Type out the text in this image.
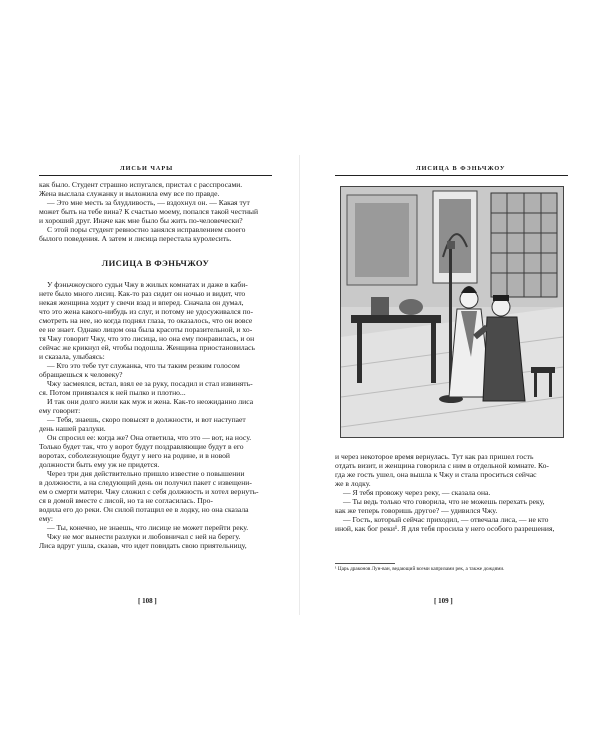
ЛИСЬИ ЧАРЫ
как было. Студент страшно испугался, пристал с расспросами.
Жена выслала служанку и выложила ему все по правде.
— Это мне месть за блудливость, — вздохнул он. — Какая тут
может быть на тебе вина? К счастью моему, попался такой честный
и хороший друг. Иначе как мне было бы жить по-человечески?
С этой поры студент ревностно занялся исправлением своего
былого поведения. А затем и лисица перестала куролесить.
ЛИСИЦА В ФЭНЬЧЖОУ
У фэньчжоуского судьи Чжу в жилых комнатах и даже в каби-
нете было много лисиц. Как-то раз сидит он ночью и видит, что
некая женщина ходит у свечи взад и вперед. Сначала он думал,
что это жена какого-нибудь из слуг, и потому не удосуживался по-
смотреть на нее, но когда поднял глаза, то оказалось, что он вовсе
ее не знает. Однако лицом она была красоты поразительной, и хо-
тя Чжу говорит Чжу, что это лисица, но она ему понравилась, и он
сейчас же крикнул ей, чтобы подошла. Женщина приостановилась
и сказала, улыбаясь:
— Кто это тебе тут служанка, что ты таким резким голосом
обращаешься к человеку?
Чжу засмеялся, встал, взял ее за руку, посадил и стал извинять-
ся. Потом привязался к ней пылко и плотно...
И так они долго жили как муж и жена. Как-то неожиданно лиса
ему говорит:
— Тебя, знаешь, скоро повысят в должности, и вот наступает
день нашей разлуки.
Он спросил ее: когда же? Она ответила, что это — вот, на носу.
Только будет так, что у ворот будут поздравляющие будут в его
воротах, соболезнующие будут у него на родине, и в новой
должности быть ему уж не придется.
Через три дня действительно пришло известие о повышении
в должности, а на следующий день он получил пакет с извещени-
ем о смерти матери. Чжу сложил с себя должность и хотел вернуть-
ся в домой вместе с лисой, но та не согласилась. Про-
водила его до реки. Он силой потащил ее в лодку, но она сказала
ему:
— Ты, конечно, не знаешь, что лисице не может перейти реку.
Чжу не мог вынести разлуки и любовничал с ней на берегу.
Лиса вдруг ушла, сказав, что идет повидать свою приятельницу,
[ 108 ]
ЛИСИЦА В ФЭНЬЧЖОУ
и через некоторое время вернулась. Тут как раз пришел гость
отдать визит, и женщина говорила с ним в отдельной комнате. Ко-
гда же гость ушел, она вышла к Чжу и стала проситься сейчас
же в лодку.
— Я тебя провожу через реку, — сказала она.
— Ты ведь только что говорила, что не можешь перехать реку,
как же теперь говоришь другое? — удивился Чжу.
— Гость, который сейчас приходил, — отвечала лиса, — не кто
иной, как бог реки¹. Я для тебя просила у него особого разрешения,
¹ Царь драконов Лун-ван, ведающий всеми капризами рек, а также дождями.
[ 109 ]
